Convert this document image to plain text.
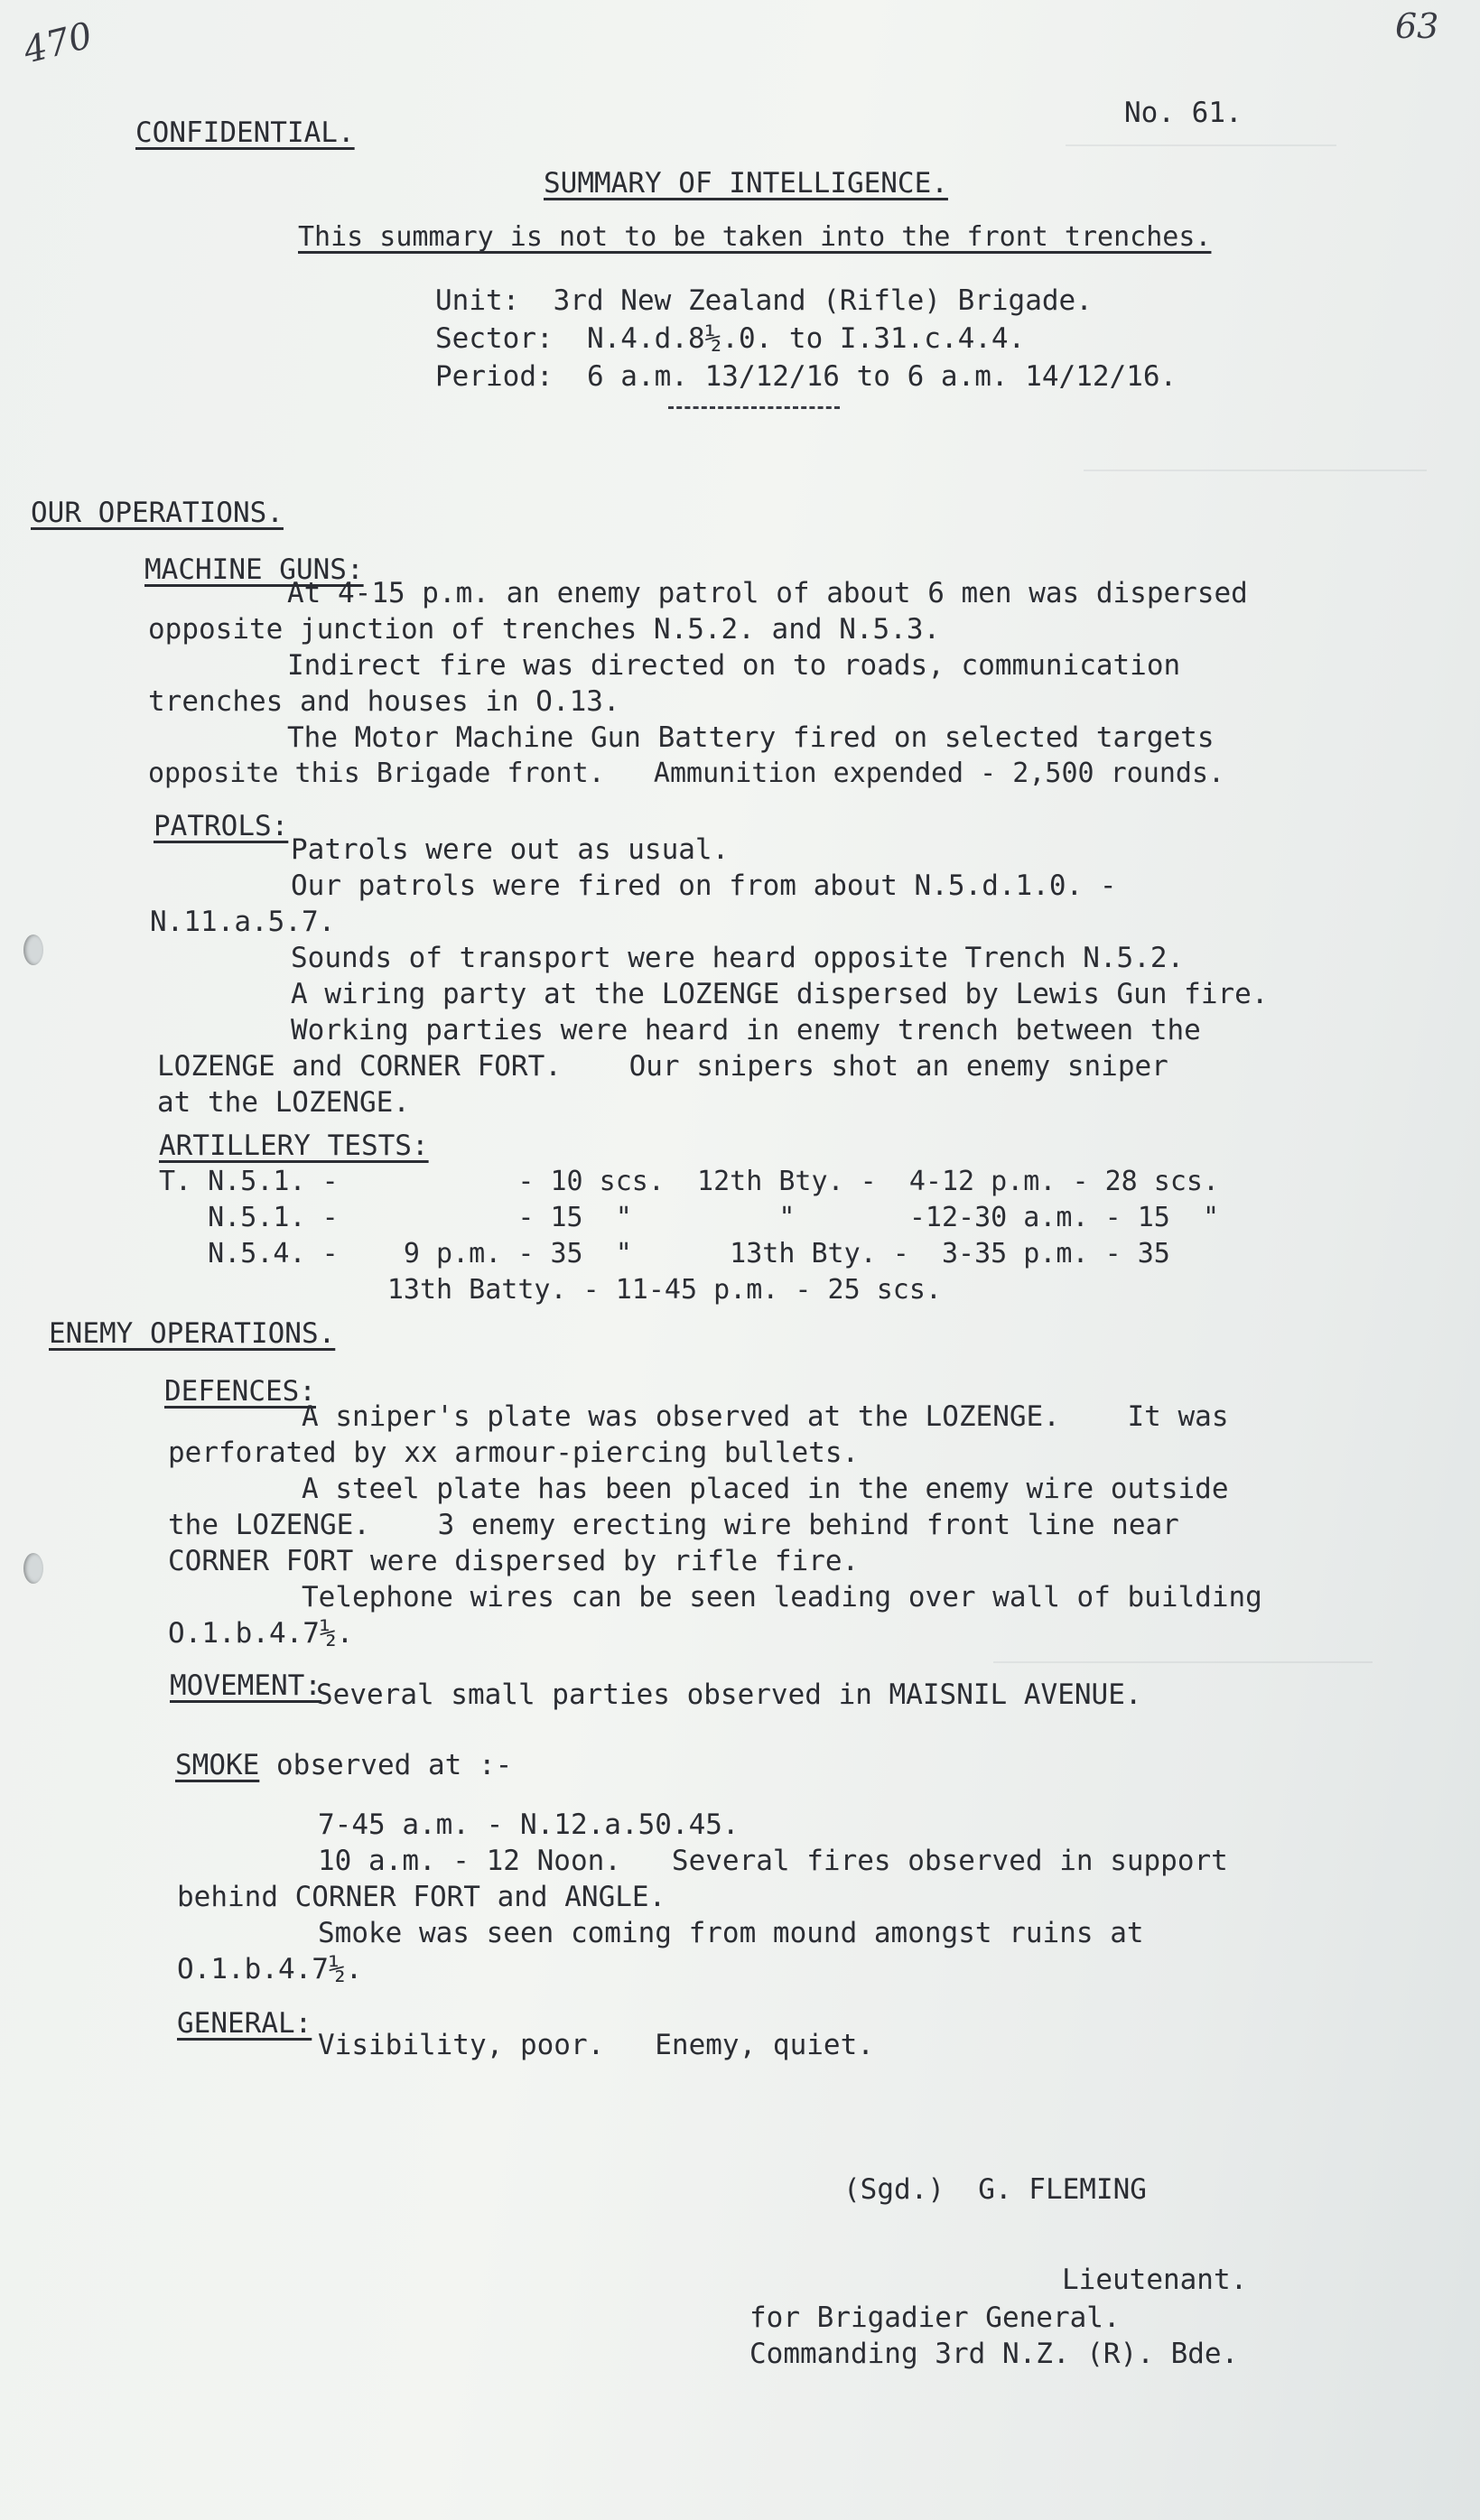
470	63
CONFIDENTIAL.
No. 61.
SUMMARY OF INTELLIGENCE.
This summary is not to be taken into the front trenches.
Unit:  3rd New Zealand (Rifle) Brigade.
Sector:  N.4.d.8½.0. to I.31.c.4.4.
Period:  6 a.m. 13/12/16 to 6 a.m. 14/12/16.
OUR OPERATIONS.
MACHINE GUNS:
At 4-15 p.m. an enemy patrol of about 6 men was dispersed
opposite junction of trenches N.5.2. and N.5.3.
Indirect fire was directed on to roads, communication
trenches and houses in O.13.
The Motor Machine Gun Battery fired on selected targets
opposite this Brigade front.   Ammunition expended - 2,500 rounds.
PATROLS:
Patrols were out as usual.
Our patrols were fired on from about N.5.d.1.0. -
N.11.a.5.7.
Sounds of transport were heard opposite Trench N.5.2.
A wiring party at the LOZENGE dispersed by Lewis Gun fire.
Working parties were heard in enemy trench between the
LOZENGE and CORNER FORT.    Our snipers shot an enemy sniper
at the LOZENGE.
ARTILLERY TESTS:
T. N.5.1. -           - 10 scs.  12th Bty. -  4-12 p.m. - 28 scs.
N.5.1. -           - 15  "         "       -12-30 a.m. - 15  "
N.5.4. -    9 p.m. - 35  "      13th Bty. -  3-35 p.m. - 35
13th Batty. - 11-45 p.m. - 25 scs.
ENEMY OPERATIONS.
DEFENCES:
A sniper's plate was observed at the LOZENGE.    It was
perforated by xx armour-piercing bullets.
A steel plate has been placed in the enemy wire outside
the LOZENGE.    3 enemy erecting wire behind front line near
CORNER FORT were dispersed by rifle fire.
Telephone wires can be seen leading over wall of building
O.1.b.4.7½.
MOVEMENT:
Several small parties observed in MAISNIL AVENUE.
SMOKE observed at :-
7-45 a.m. - N.12.a.50.45.
10 a.m. - 12 Noon.   Several fires observed in support
behind CORNER FORT and ANGLE.
Smoke was seen coming from mound amongst ruins at
O.1.b.4.7½.
GENERAL:
Visibility, poor.   Enemy, quiet.
(Sgd.)  G. FLEMING
Lieutenant.
for Brigadier General.
Commanding 3rd N.Z. (R). Bde.
